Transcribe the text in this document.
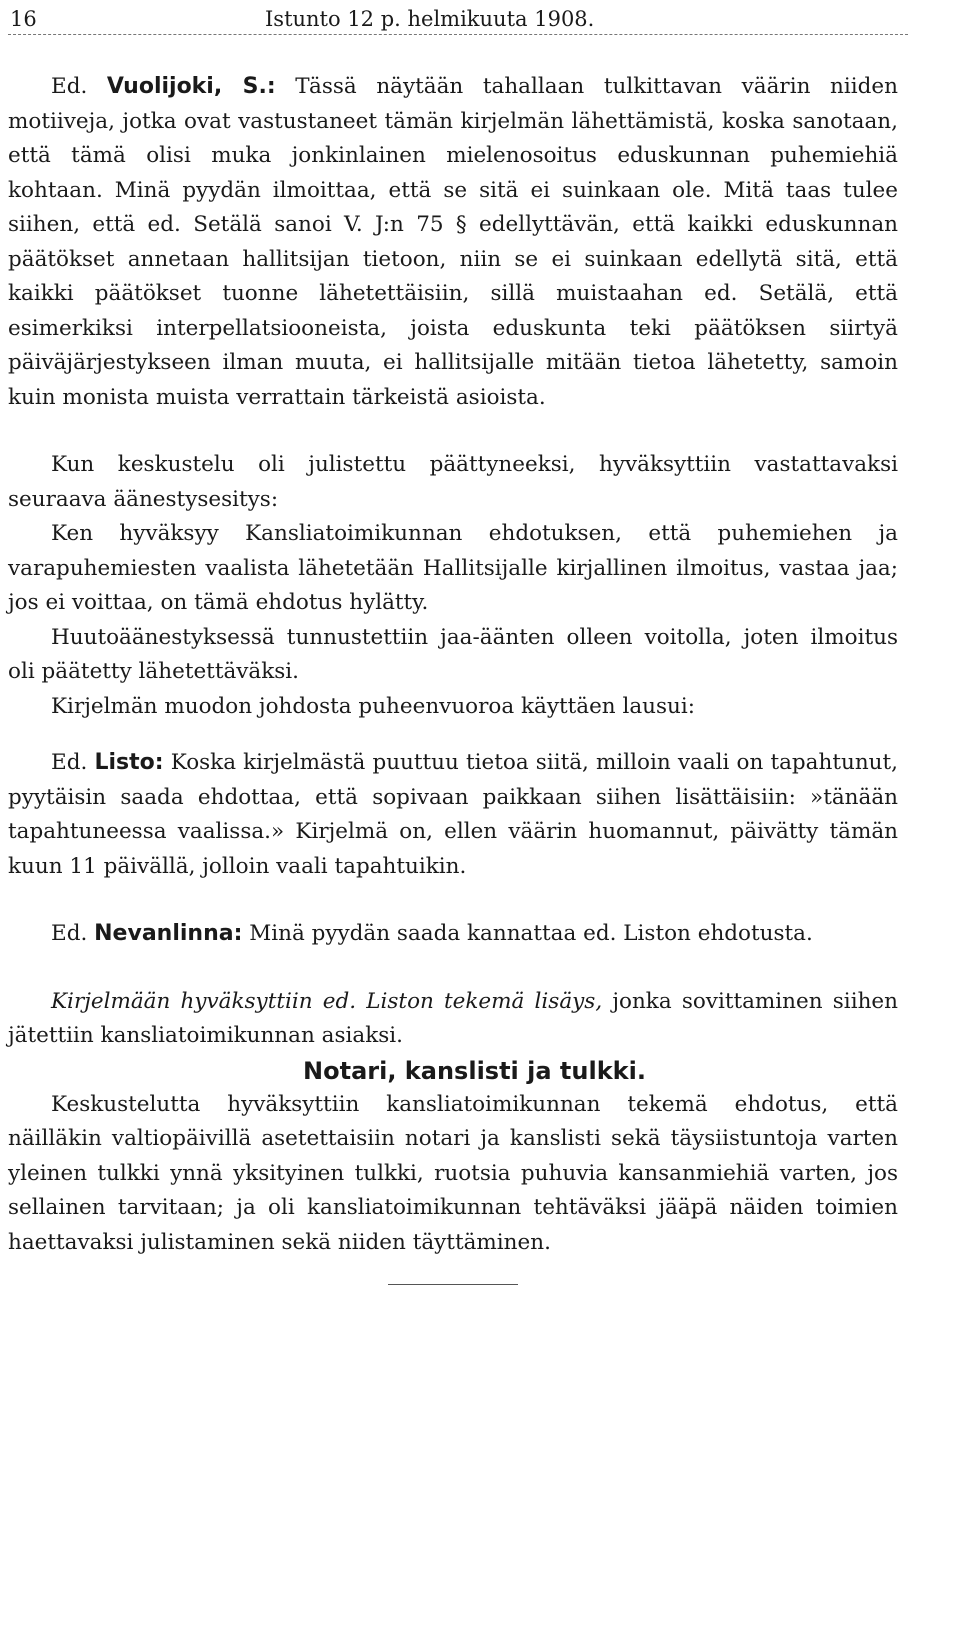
16	Istunto 12 p. helmikuuta 1908.

Ed. Vuolijoki, S.: Tässä näytään tahallaan tulkittavan väärin niiden motiiveja, jotka ovat vastustaneet tämän kirjelmän lähettämistä, koska sanotaan, että tämä olisi muka jonkinlainen mielenosoitus eduskunnan puhemiehiä kohtaan. Minä pyydän ilmoittaa, että se sitä ei suinkaan ole. Mitä taas tulee siihen, että ed. Setälä sanoi V. J:n 75 § edellyttävän, että kaikki eduskunnan päätökset annetaan hallitsijan tietoon, niin se ei suinkaan edellytä sitä, että kaikki päätökset tuonne lähetettäisiin, sillä muistaahan ed. Setälä, että esimerkiksi interpellatsiooneista, joista eduskunta teki päätöksen siirtyä päiväjärjestykseen ilman muuta, ei hallitsijalle mitään tietoa lähetetty, samoin kuin monista muista verrattain tärkeistä asioista.

Kun keskustelu oli julistettu päättyneeksi, hyväksyttiin vastattavaksi seuraava äänestysesitys:

Ken hyväksyy Kansliatoimikunnan ehdotuksen, että puhemiehen ja varapuhemiesten vaalista lähetetään Hallitsijalle kirjallinen ilmoitus, vastaa jaa; jos ei voittaa, on tämä ehdotus hylätty.

Huutoäänestyksessä tunnustettiin jaa-äänten olleen voitolla, joten ilmoitus oli päätetty lähetettäväksi.

Kirjelmän muodon johdosta puheenvuoroa käyttäen lausui:

Ed. Listo: Koska kirjelmästä puuttuu tietoa siitä, milloin vaali on tapahtunut, pyytäisin saada ehdottaa, että sopivaan paikkaan siihen lisättäisiin: »tänään tapahtuneessa vaalissa.» Kirjelmä on, ellen väärin huomannut, päivätty tämän kuun 11 päivällä, jolloin vaali tapahtuikin.

Ed. Nevanlinna: Minä pyydän saada kannattaa ed. Liston ehdotusta.

Kirjelmään hyväksyttiin ed. Liston tekemä lisäys, jonka sovittaminen siihen jätettiin kansliatoimikunnan asiaksi.

Notari, kanslisti ja tulkki.

Keskustelutta hyväksyttiin kansliatoimikunnan tekemä ehdotus, että näilläkin valtiopäivillä asetettaisiin notari ja kanslisti sekä täysiistuntoja varten yleinen tulkki ynnä yksityinen tulkki, ruotsia puhuvia kansanmiehiä varten, jos sellainen tarvitaan; ja oli kansliatoimikunnan tehtäväksi jääpä näiden toimien haettavaksi julistaminen sekä niiden täyttäminen.
